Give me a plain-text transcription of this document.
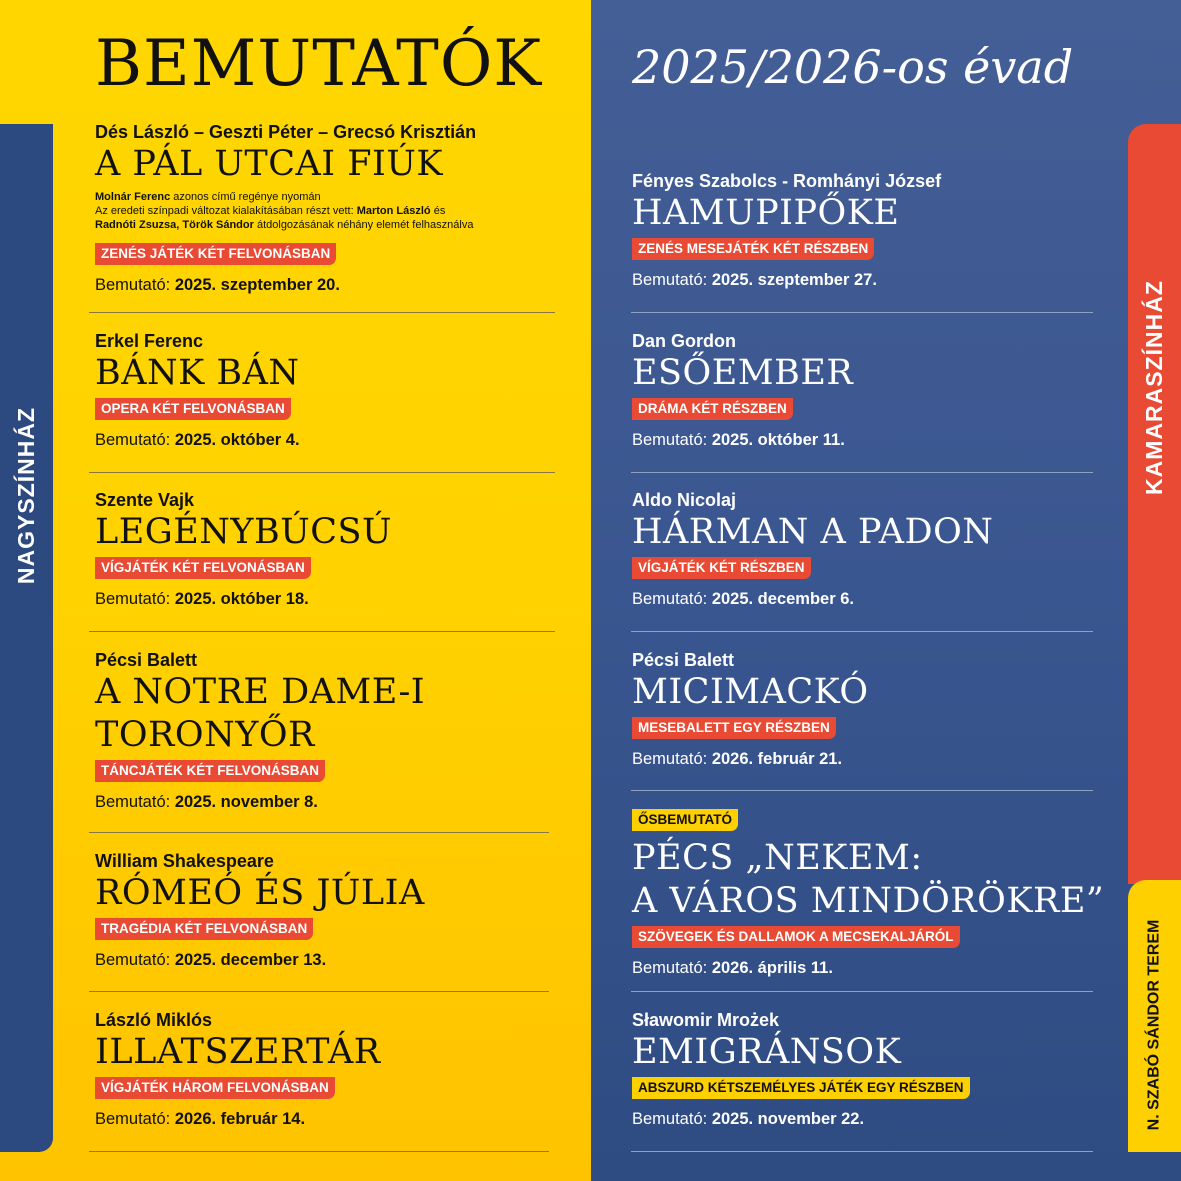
BEMUTATÓK 2025/2026-os évad
NAGYSZÍNHÁZ
KAMARASZÍNHÁZ
N. SZABÓ SÁNDOR TEREM
Dés László – Geszti Péter – Grecsó Krisztián
A PÁL UTCAI FIÚK
Molnár Ferenc azonos című regénye nyomán
Az eredeti színpadi változat kialakításában részt vett: Marton László és
Radnóti Zsuzsa, Török Sándor átdolgozásának néhány elemét felhasználva
ZENÉS JÁTÉK KÉT FELVONÁSBAN
Bemutató: 2025. szeptember 20.
Erkel Ferenc
BÁNK BÁN
OPERA KÉT FELVONÁSBAN
Bemutató: 2025. október 4.
Szente Vajk
LEGÉNYBÚCSÚ
VÍGJÁTÉK KÉT FELVONÁSBAN
Bemutató: 2025. október 18.
Pécsi Balett
A NOTRE DAME-I
TORONYŐR
TÁNCJÁTÉK KÉT FELVONÁSBAN
Bemutató: 2025. november 8.
William Shakespeare
RÓMEÓ ÉS JÚLIA
TRAGÉDIA KÉT FELVONÁSBAN
Bemutató: 2025. december 13.
László Miklós
ILLATSZERTÁR
VÍGJÁTÉK HÁROM FELVONÁSBAN
Bemutató: 2026. február 14.
Fényes Szabolcs - Romhányi József
HAMUPIPŐKE
ZENÉS MESEJÁTÉK KÉT RÉSZBEN
Bemutató: 2025. szeptember 27.
Dan Gordon
ESŐEMBER
DRÁMA KÉT RÉSZBEN
Bemutató: 2025. október 11.
Aldo Nicolaj
HÁRMAN A PADON
VÍGJÁTÉK KÉT RÉSZBEN
Bemutató: 2025. december 6.
Pécsi Balett
MICIMACKÓ
MESEBALETT EGY RÉSZBEN
Bemutató: 2026. február 21.
ŐSBEMUTATÓ
PÉCS „NEKEM:
A VÁROS MINDÖRÖKRE”
SZÖVEGEK ÉS DALLAMOK A MECSEKALJÁRÓL
Bemutató: 2026. április 11.
Sławomir Mrożek
EMIGRÁNSOK
ABSZURD KÉTSZEMÉLYES JÁTÉK EGY RÉSZBEN
Bemutató: 2025. november 22.
